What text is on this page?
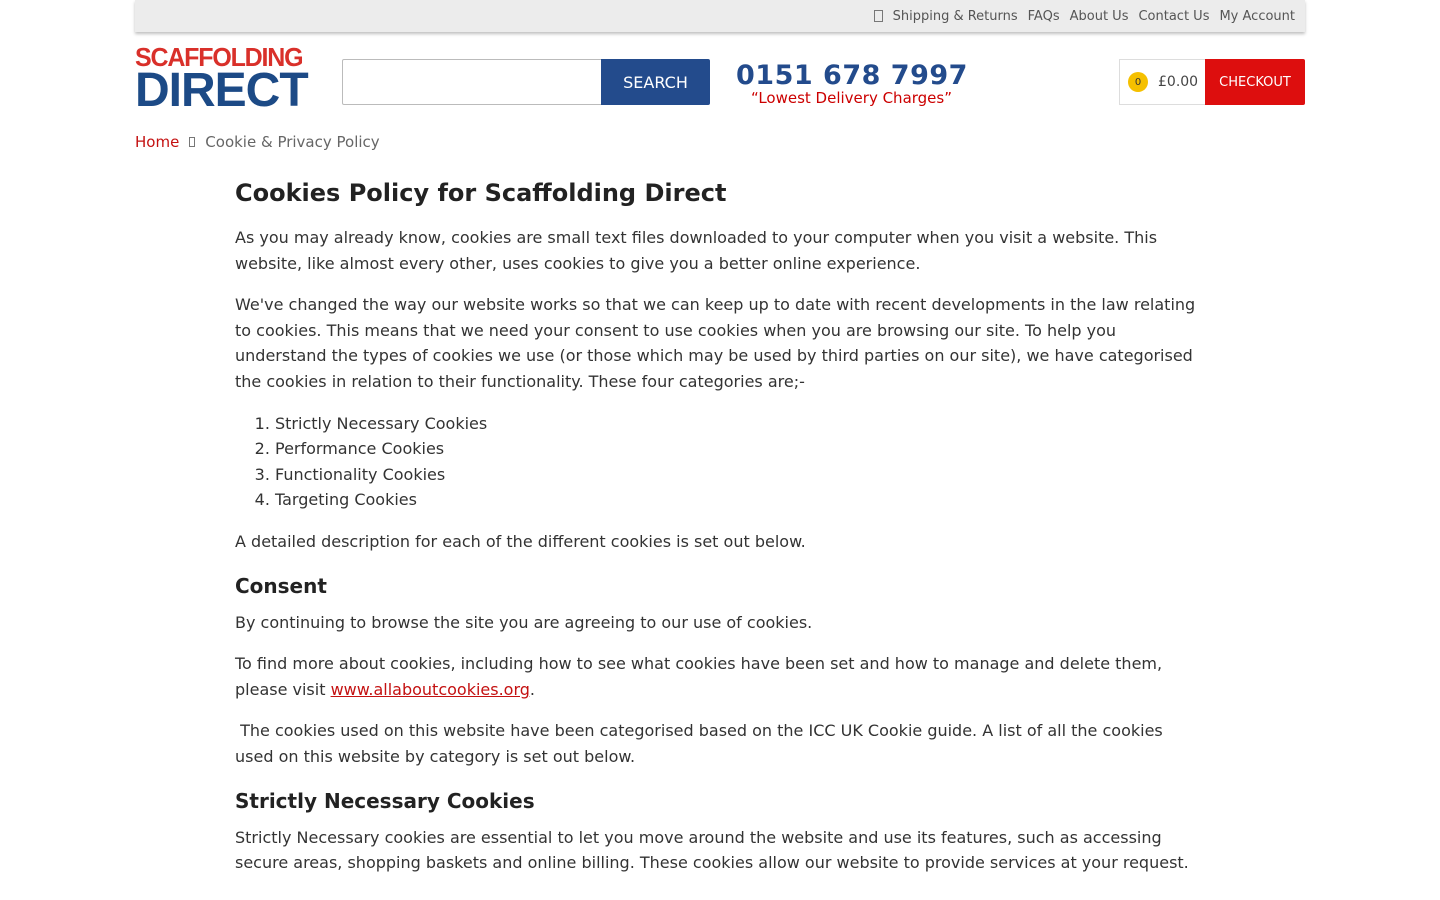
Shipping & Returns FAQs About Us Contact Us My Account
SCAFFOLDING
DIRECT	SEARCH	0151 678 7997
“Lowest Delivery Charges”
0	£0.00	CHECKOUT
Home Cookie & Privacy Policy
Cookies Policy for Scaffolding Direct

As you may already know, cookies are small text files downloaded to your computer when you visit a website. This website, like almost every other, uses cookies to give you a better online experience.

We've changed the way our website works so that we can keep up to date with recent developments in the law relating to cookies. This means that we need your consent to use cookies when you are browsing our site. To help you understand the types of cookies we use (or those which may be used by third parties on our site), we have categorised the cookies in relation to their functionality. These four categories are;-

1. Strictly Necessary Cookies
2. Performance Cookies
3. Functionality Cookies
4. Targeting Cookies

A detailed description for each of the different cookies is set out below.

Consent

By continuing to browse the site you are agreeing to our use of cookies.

To find more about cookies, including how to see what cookies have been set and how to manage and delete them, please visit www.allaboutcookies.org.

The cookies used on this website have been categorised based on the ICC UK Cookie guide. A list of all the cookies used on this website by category is set out below.

Strictly Necessary Cookies

Strictly Necessary cookies are essential to let you move around the website and use its features, such as accessing secure areas, shopping baskets and online billing. These cookies allow our website to provide services at your request.
